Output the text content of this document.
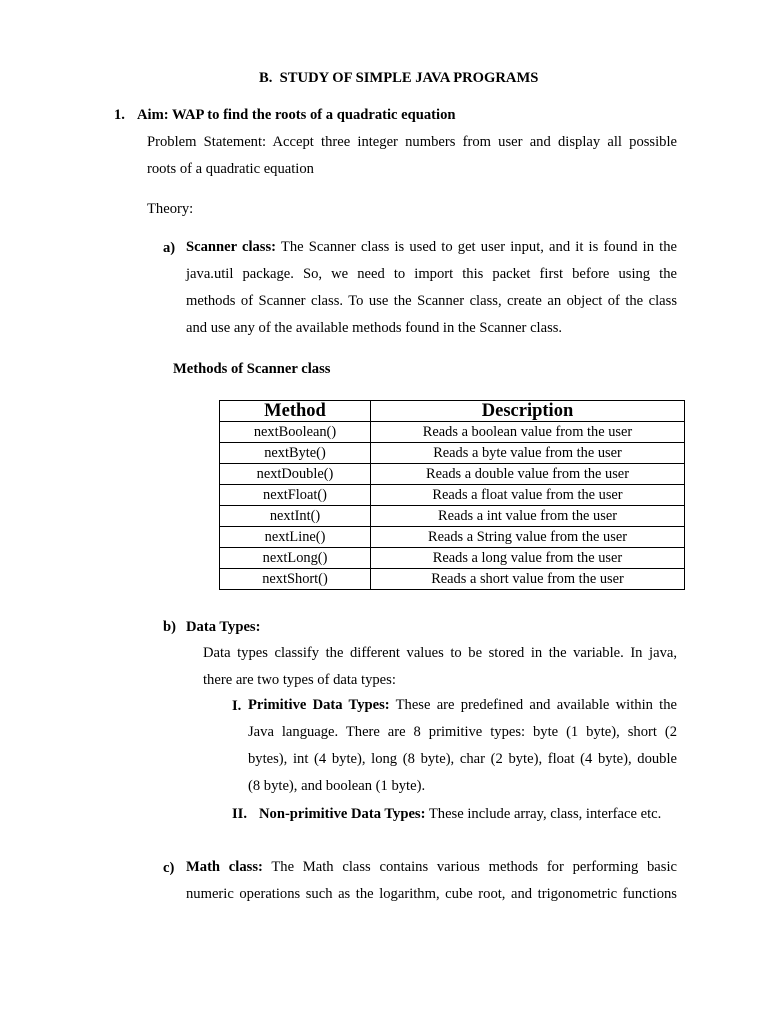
B.  STUDY OF SIMPLE JAVA PROGRAMS
1. Aim: WAP to find the roots of a quadratic equation
Problem Statement: Accept three integer numbers from user and display all possible
roots of a quadratic equation
Theory:
a) Scanner class: The Scanner class is used to get user input, and it is found in the
java.util package. So, we need to import this packet first before using the
methods of Scanner class. To use the Scanner class, create an object of the class
and use any of the available methods found in the Scanner class.
Methods of Scanner class
Method	Description
nextBoolean()	Reads a boolean value from the user
nextByte()	Reads a byte value from the user
nextDouble()	Reads a double value from the user
nextFloat()	Reads a float value from the user
nextInt()	Reads a int value from the user
nextLine()	Reads a String value from the user
nextLong()	Reads a long value from the user
nextShort()	Reads a short value from the user
b) Data Types:
Data types classify the different values to be stored in the variable. In java,
there are two types of data types:
I. Primitive Data Types: These are predefined and available within the
Java language. There are 8 primitive types: byte (1 byte), short (2
bytes), int (4 byte), long (8 byte), char (2 byte), float (4 byte), double
(8 byte), and boolean (1 byte).
II. Non-primitive Data Types: These include array, class, interface etc.
c) Math class: The Math class contains various methods for performing basic
numeric operations such as the logarithm, cube root, and trigonometric functions
